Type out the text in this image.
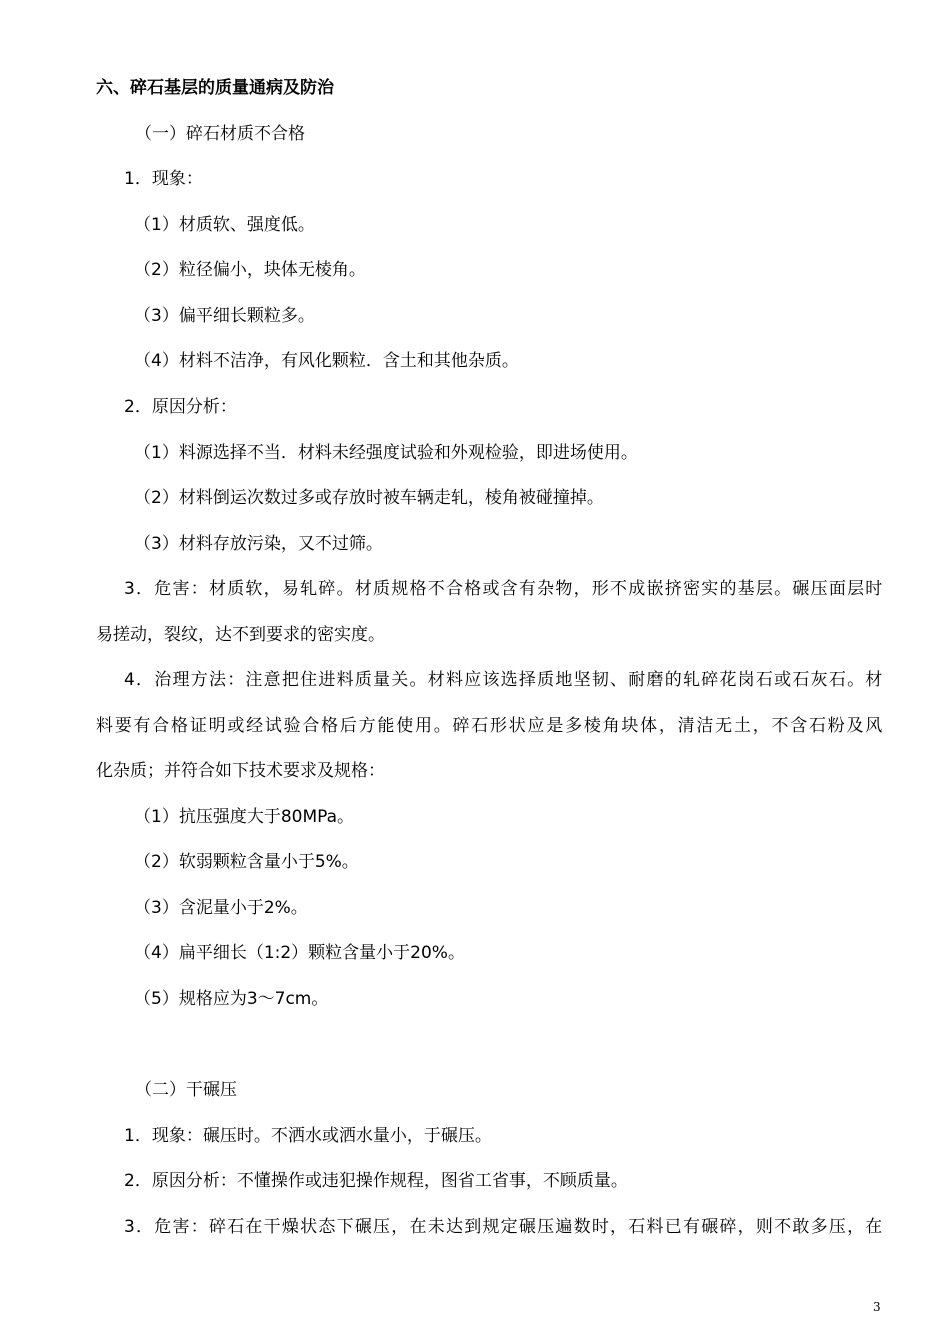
六、碎石基层的质量通病及防治
（一）碎石材质不合格
1．现象：
（1）材质软、强度低。
（2）粒径偏小，块体无棱角。
（3）偏平细长颗粒多。
（4）材料不洁净，有风化颗粒．含土和其他杂质。
2．原因分析：
（1）料源选择不当．材料未经强度试验和外观检验，即进场使用。
（2）材料倒运次数过多或存放时被车辆走轧，棱角被碰撞掉。
（3）材料存放污染，又不过筛。
3．危害：材质软，易轧碎。材质规格不合格或含有杂物，形不成嵌挤密实的基层。碾压面层时
易搓动，裂纹，达不到要求的密实度。
4．治理方法：注意把住进料质量关。材料应该选择质地坚韧、耐磨的轧碎花岗石或石灰石。材
料要有合格证明或经试验合格后方能使用。碎石形状应是多棱角块体，清洁无土，不含石粉及风
化杂质；并符合如下技术要求及规格：
（1）抗压强度大于80MPa。
（2）软弱颗粒含量小于5%。
（3）含泥量小于2%。
（4）扁平细长（1:2）颗粒含量小于20%。
（5）规格应为3～7cm。
（二）干碾压
1．现象：碾压时。不洒水或洒水量小，于碾压。
2．原因分析：不懂操作或违犯操作规程，图省工省事，不顾质量。
3．危害：碎石在干燥状态下碾压，在未达到规定碾压遍数时，石料已有碾碎，则不敢多压，在
3
